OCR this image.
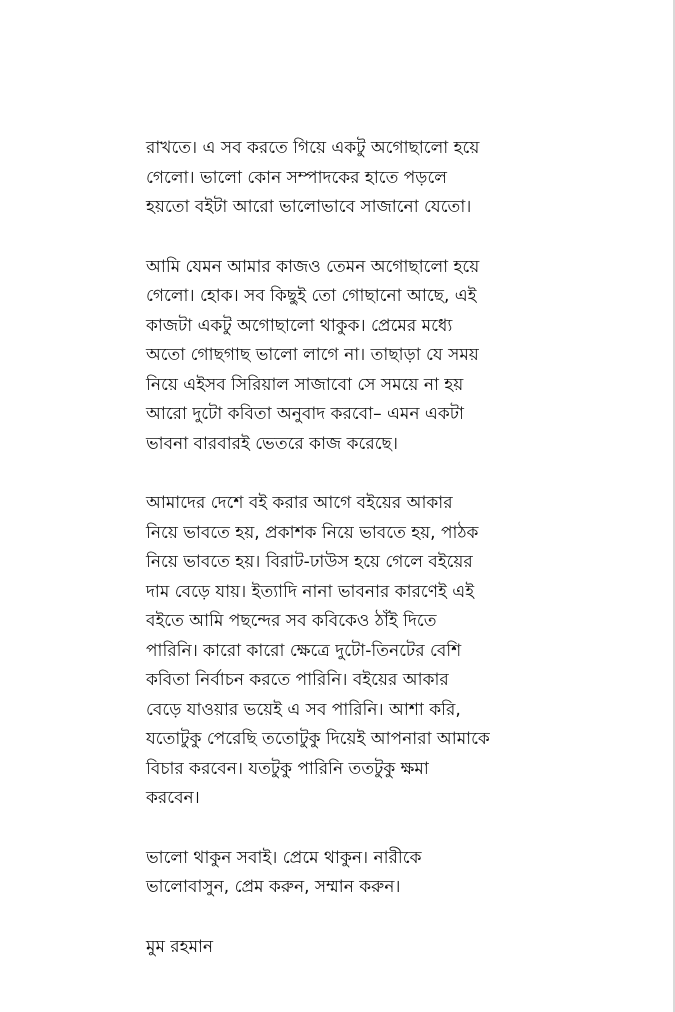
রাখতে। এ সব করতে গিয়ে একটু অগোছালো হয়ে
গেলো। ভালো কোন সম্পাদকের হাতে পড়লে
হয়তো বইটা আরো ভালোভাবে সাজানো যেতো।
আমি যেমন আমার কাজও তেমন অগোছালো হয়ে
গেলো। হোক। সব কিছুই তো গোছানো আছে, এই
কাজটা একটু অগোছালো থাকুক। প্রেমের মধ্যে
অতো গোছগাছ ভালো লাগে না। তাছাড়া যে সময়
নিয়ে এইসব সিরিয়াল সাজাবো সে সময়ে না হয়
আরো দুটো কবিতা অনুবাদ করবো– এমন একটা
ভাবনা বারবারই ভেতরে কাজ করেছে।
আমাদের দেশে বই করার আগে বইয়ের আকার
নিয়ে ভাবতে হয়, প্রকাশক নিয়ে ভাবতে হয়, পাঠক
নিয়ে ভাবতে হয়। বিরাট-ঢাউস হয়ে গেলে বইয়ের
দাম বেড়ে যায়। ইত্যাদি নানা ভাবনার কারণেই এই
বইতে আমি পছন্দের সব কবিকেও ঠাঁই দিতে
পারিনি। কারো কারো ক্ষেত্রে দুটো-তিনটের বেশি
কবিতা নির্বাচন করতে পারিনি। বইয়ের আকার
বেড়ে যাওয়ার ভয়েই এ সব পারিনি। আশা করি,
যতোটুকু পেরেছি ততোটুকু দিয়েই আপনারা আমাকে
বিচার করবেন। যতটুকু পারিনি ততটুকু ক্ষমা
করবেন।
ভালো থাকুন সবাই। প্রেমে থাকুন। নারীকে
ভালোবাসুন, প্রেম করুন, সম্মান করুন।
মুম রহমান
